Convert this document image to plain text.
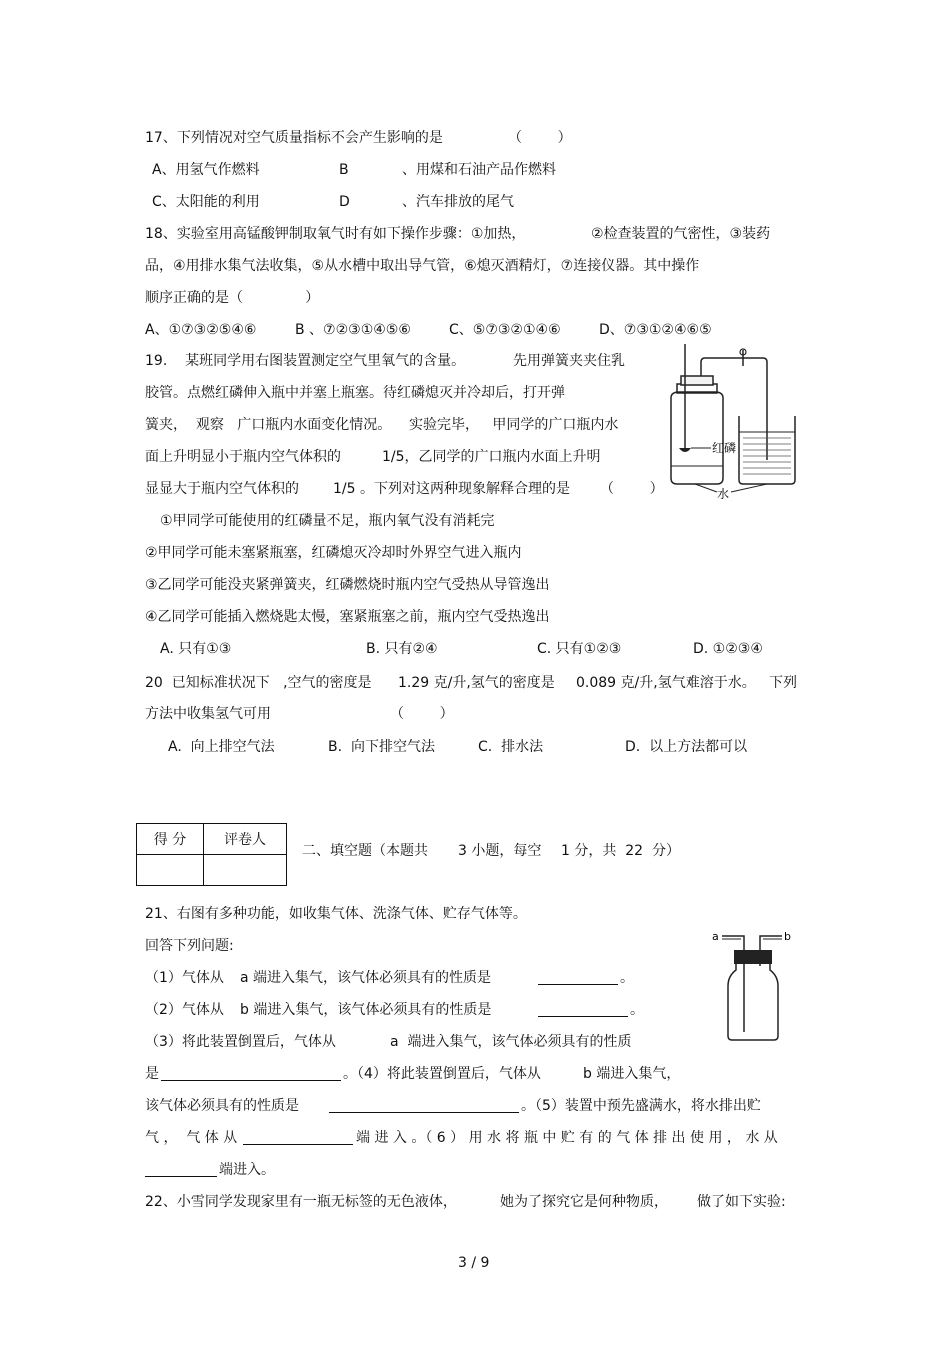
17、下列情况对空气质量指标不会产生影响的是	（        ）
A、用氢气作燃料	B	、用煤和石油产品作燃料
C、太阳能的利用	D	、汽车排放的尾气
18、实验室用高锰酸钾制取氧气时有如下操作步骤：①加热，	②检查装置的气密性，③装药
品，④用排水集气法收集，⑤从水槽中取出导气管，⑥熄灭酒精灯，⑦连接仪器。其中操作
顺序正确的是（              ）
A、①⑦③②⑤④⑥	B 、⑦②③①④⑤⑥	C、⑤⑦③②①④⑥	D、⑦③①②④⑥⑤
19.    某班同学用右图装置测定空气里氧气的含量。	先用弹簧夹夹住乳
胶管。点燃红磷伸入瓶中并塞上瓶塞。待红磷熄灭并冷却后，打开弹
簧夹，  观察   广口瓶内水面变化情况。    实验完毕，   甲同学的广口瓶内水
面上升明显小于瓶内空气体积的	1/5，乙同学的广口瓶内水面上升明
显显大于瓶内空气体积的 1/5 。下列对这两种现象解释合理的是 （        ）
①甲同学可能使用的红磷量不足，瓶内氧气没有消耗完
②甲同学可能未塞紧瓶塞，红磷熄灭冷却时外界空气进入瓶内
③乙同学可能没夹紧弹簧夹，红磷燃烧时瓶内空气受热从导管逸出
④乙同学可能插入燃烧匙太慢，塞紧瓶塞之前，瓶内空气受热逸出
A. 只有①③	B. 只有②④	C. 只有①②③	D. ①②③④
红磷
水
20  已知标准状况下   ,空气的密度是 1.29 克/升,氢气的密度是 0.089 克/升,氢气难溶于水。   下列
方法中收集氢气可用	（        ）
A.  向上排空气法	B.  向下排空气法	C.  排水法	D.  以上方法都可以
得 分	评卷人

二、填空题（本题共 3 小题，每空 1 分，共  22  分）
21、右图有多种功能，如收集气体、洗涤气体、贮存气体等。
回答下列问题:
（1）气体从 a 端进入集气，该气体必须具有的性质是	。
（2）气体从 b 端进入集气，该气体必须具有的性质是	。
（3）将此装置倒置后，气体从	a  端进入集气，该气体必须具有的性质
是	。（4）将此装置倒置后，气体从	b 端进入集气，
该气体必须具有的性质是	。（5）装置中预先盛满水，将水排出贮
气 ，  气 体 从	端 进 入 。（ 6 ） 用 水 将 瓶 中 贮 有 的 气 体 排 出 使 用 ， 水 从
端进入。
a	b
22、小雪同学发现家里有一瓶无标签的无色液体，	她为了探究它是何种物质， 做了如下实验:
3 / 9
